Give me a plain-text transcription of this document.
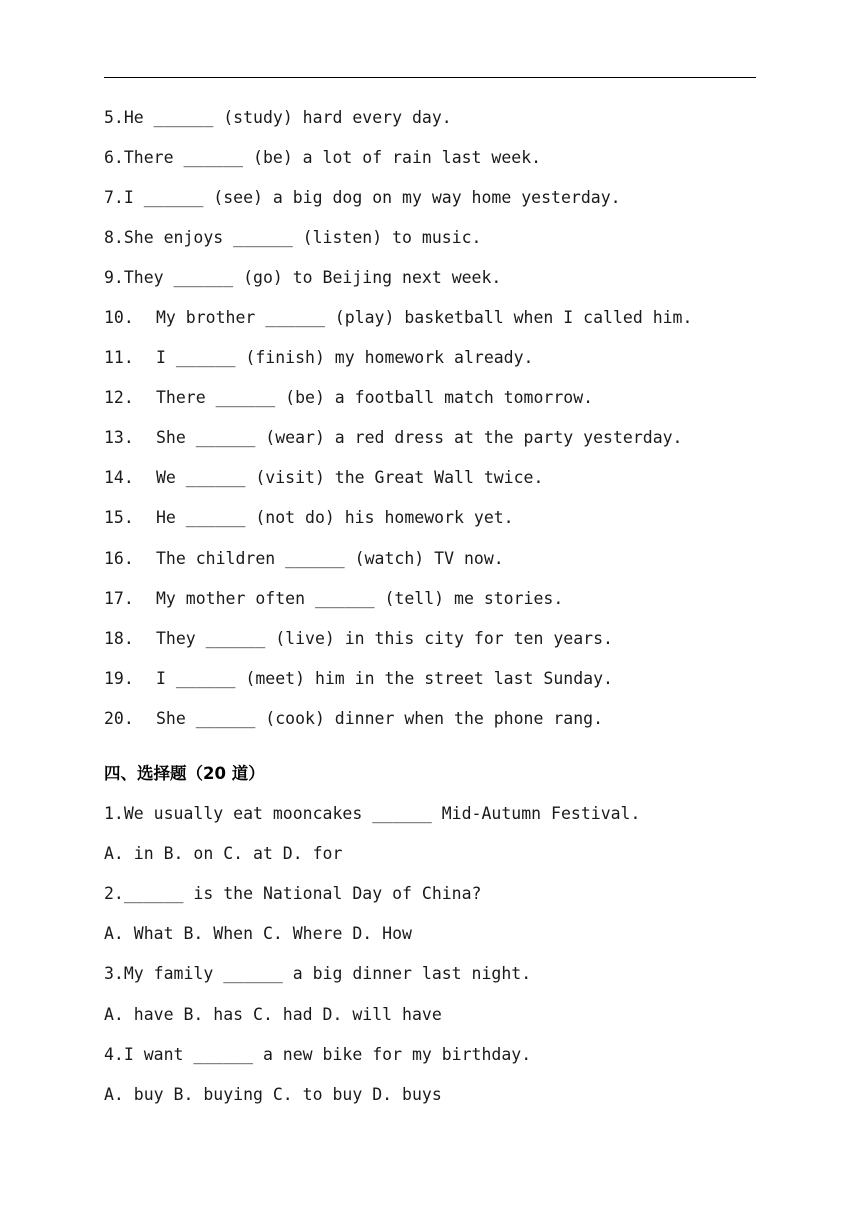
5.He ______ (study) hard every day.
6.There ______ (be) a lot of rain last week.
7.I ______ (see) a big dog on my way home yesterday.
8.She enjoys ______ (listen) to music.
9.They ______ (go) to Beijing next week.
10. My brother ______ (play) basketball when I called him.
11. I ______ (finish) my homework already.
12. There ______ (be) a football match tomorrow.
13. She ______ (wear) a red dress at the party yesterday.
14. We ______ (visit) the Great Wall twice.
15. He ______ (not do) his homework yet.
16. The children ______ (watch) TV now.
17. My mother often ______ (tell) me stories.
18. They ______ (live) in this city for ten years.
19. I ______ (meet) him in the street last Sunday.
20. She ______ (cook) dinner when the phone rang.
四、选择题（20 道）
1.We usually eat mooncakes ______ Mid-Autumn Festival.
A. in B. on C. at D. for
2.______ is the National Day of China?
A. What B. When C. Where D. How
3.My family ______ a big dinner last night.
A. have B. has C. had D. will have
4.I want ______ a new bike for my birthday.
A. buy B. buying C. to buy D. buys
